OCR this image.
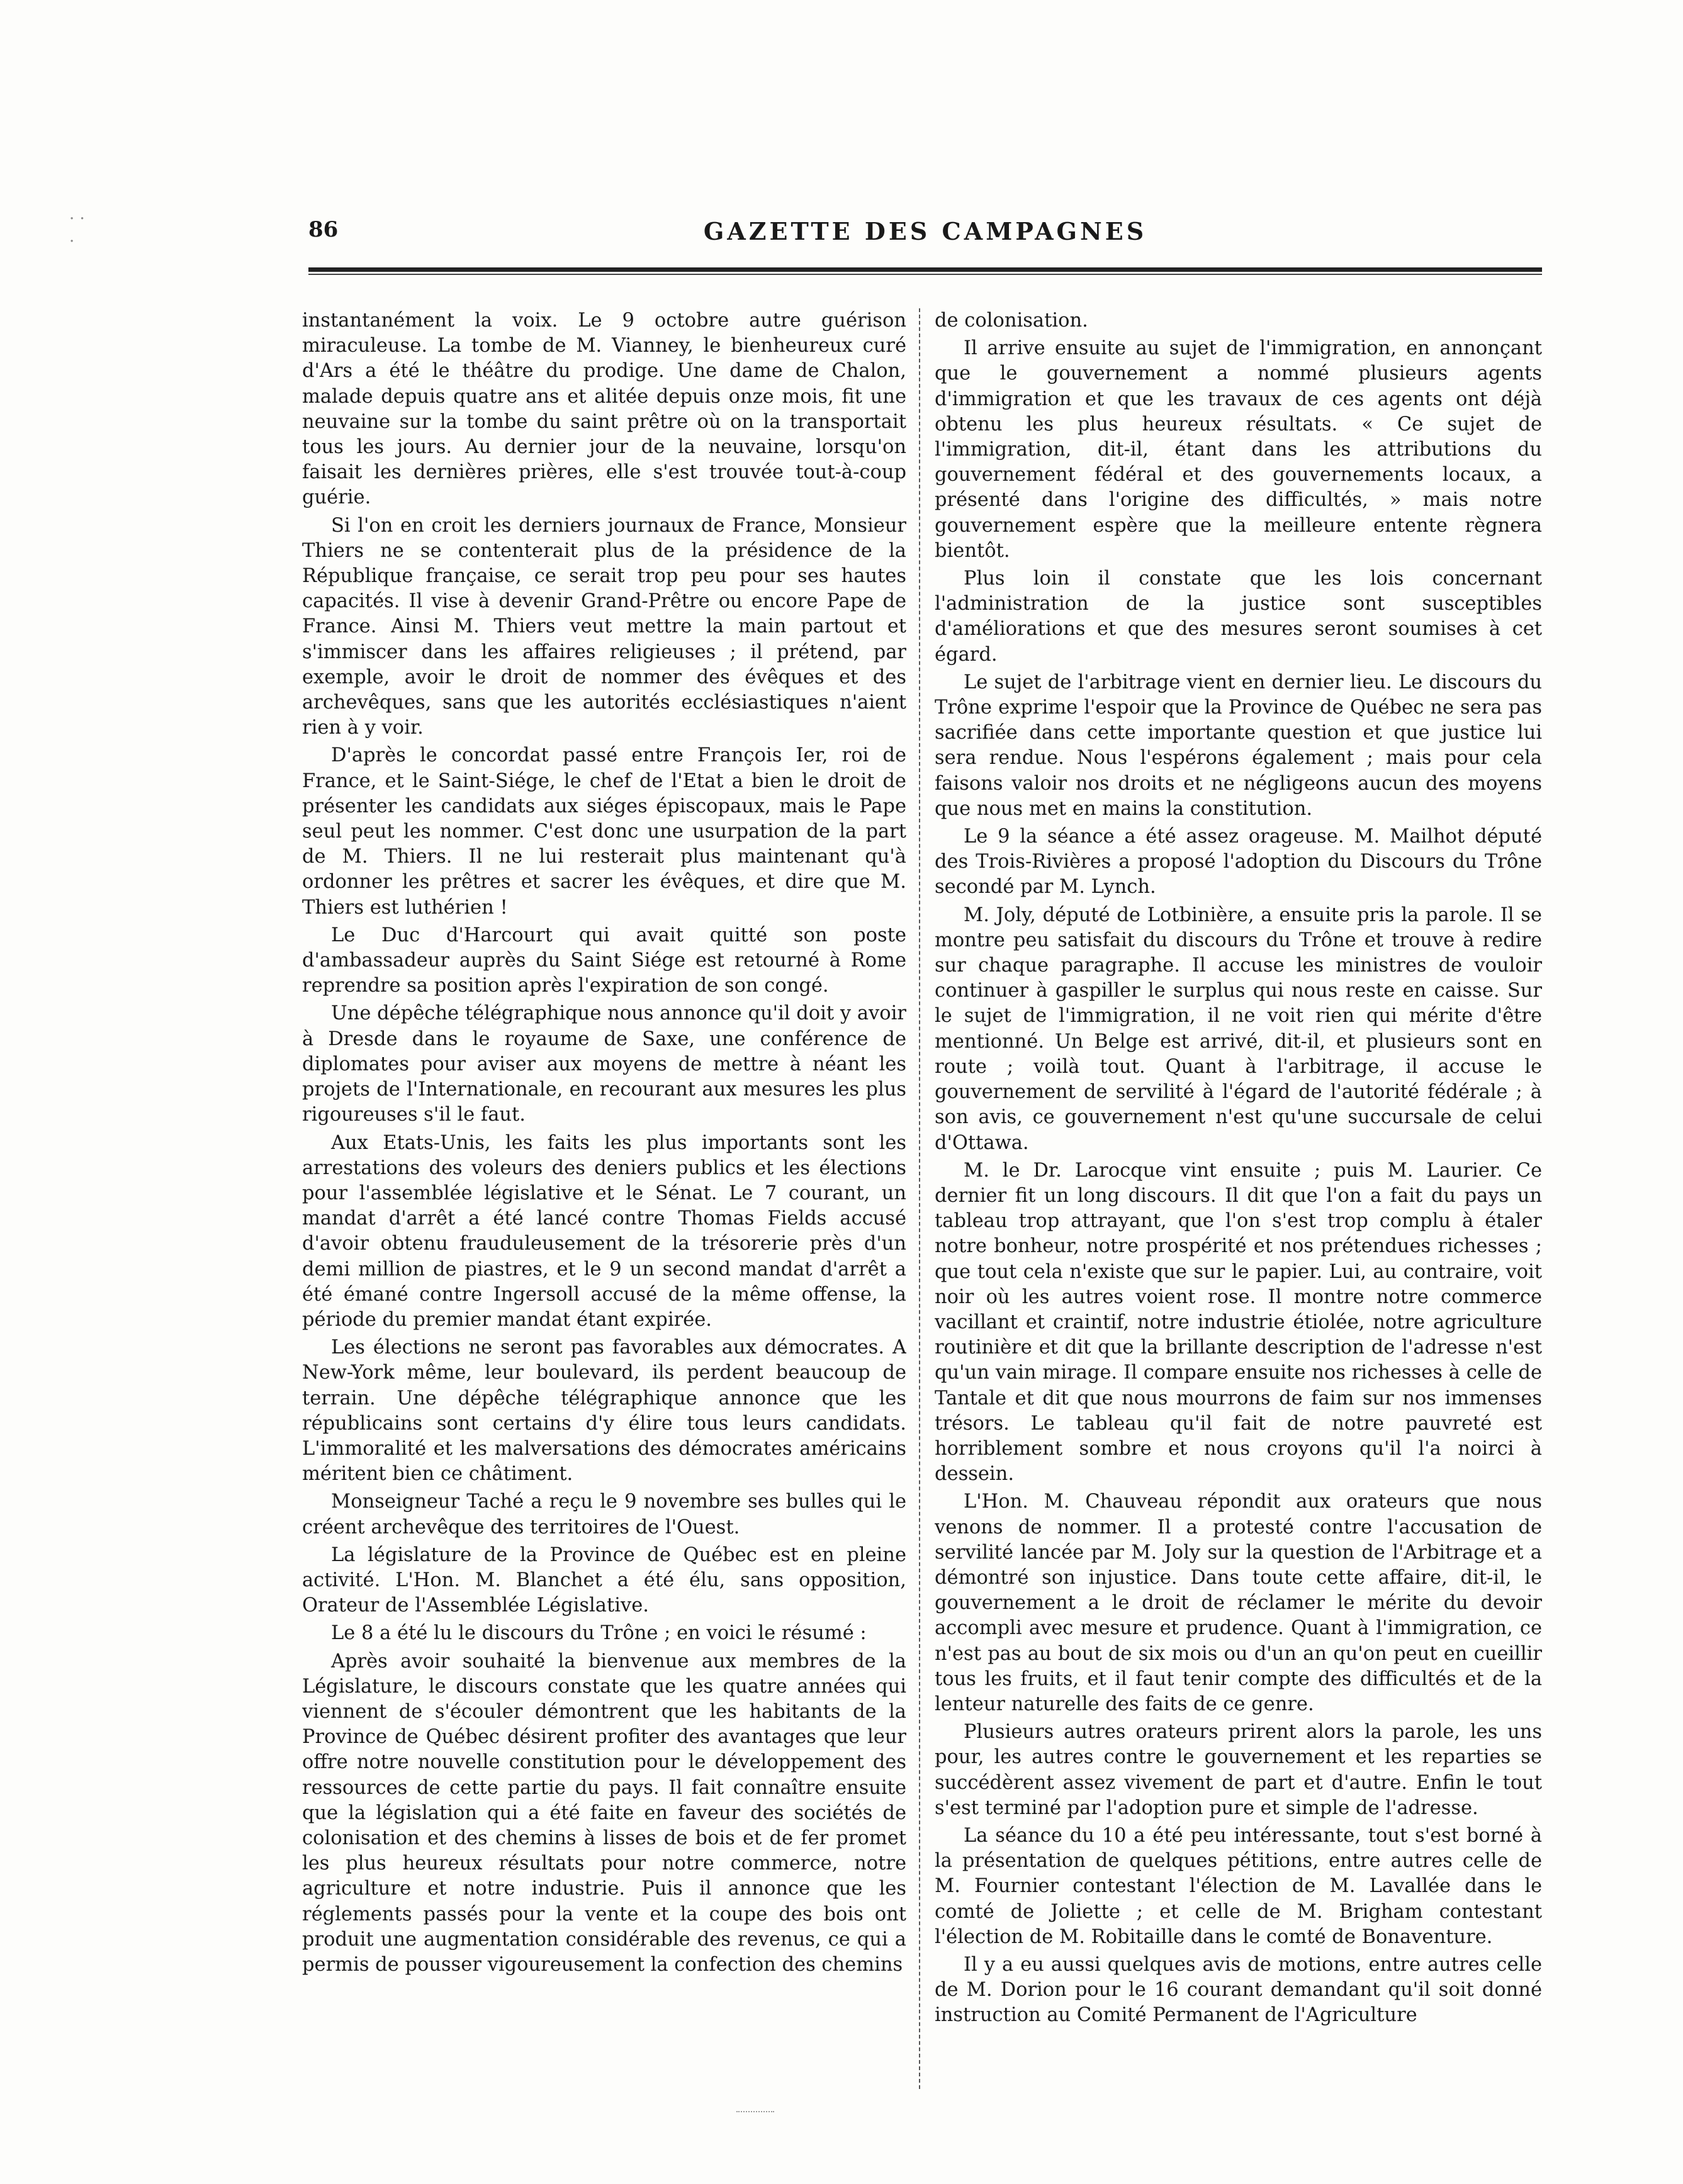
· · ·	86	GAZETTE DES CAMPAGNES

instantanément la voix. Le 9 octobre autre guérison miraculeuse. La tombe de M. Vianney, le bienheureux curé d'Ars a été le théâtre du prodige. Une dame de Chalon, malade depuis quatre ans et alitée depuis onze mois, fit une neuvaine sur la tombe du saint prêtre où on la transportait tous les jours. Au dernier jour de la neuvaine, lorsqu'on faisait les dernières prières, elle s'est trouvée tout-à-coup guérie.

Si l'on en croit les derniers journaux de France, Monsieur Thiers ne se contenterait plus de la présidence de la République française, ce serait trop peu pour ses hautes capacités. Il vise à devenir Grand-Prêtre ou encore Pape de France. Ainsi M. Thiers veut mettre la main partout et s'immiscer dans les affaires religieuses ; il prétend, par exemple, avoir le droit de nommer des évêques et des archevêques, sans que les autorités ecclésiastiques n'aient rien à y voir.

D'après le concordat passé entre François Ier, roi de France, et le Saint-Siége, le chef de l'Etat a bien le droit de présenter les candidats aux siéges épiscopaux, mais le Pape seul peut les nommer. C'est donc une usurpation de la part de M. Thiers. Il ne lui resterait plus maintenant qu'à ordonner les prêtres et sacrer les évêques, et dire que M. Thiers est luthérien !

Le Duc d'Harcourt qui avait quitté son poste d'ambassadeur auprès du Saint Siége est retourné à Rome reprendre sa position après l'expiration de son congé.

Une dépêche télégraphique nous annonce qu'il doit y avoir à Dresde dans le royaume de Saxe, une conférence de diplomates pour aviser aux moyens de mettre à néant les projets de l'Internationale, en recourant aux mesures les plus rigoureuses s'il le faut.

Aux Etats-Unis, les faits les plus importants sont les arrestations des voleurs des deniers publics et les élections pour l'assemblée législative et le Sénat. Le 7 courant, un mandat d'arrêt a été lancé contre Thomas Fields accusé d'avoir obtenu frauduleusement de la trésorerie près d'un demi million de piastres, et le 9 un second mandat d'arrêt a été émané contre Ingersoll accusé de la même offense, la période du premier mandat étant expirée.

Les élections ne seront pas favorables aux démocrates. A New-York même, leur boulevard, ils perdent beaucoup de terrain. Une dépêche télégraphique annonce que les républicains sont certains d'y élire tous leurs candidats. L'immoralité et les malversations des démocrates américains méritent bien ce châtiment.

Monseigneur Taché a reçu le 9 novembre ses bulles qui le créent archevêque des territoires de l'Ouest.

La législature de la Province de Québec est en pleine activité. L'Hon. M. Blanchet a été élu, sans opposition, Orateur de l'Assemblée Législative.

Le 8 a été lu le discours du Trône ; en voici le résumé :

Après avoir souhaité la bienvenue aux membres de la Législature, le discours constate que les quatre années qui viennent de s'écouler démontrent que les habitants de la Province de Québec désirent profiter des avantages que leur offre notre nouvelle constitution pour le développement des ressources de cette partie du pays. Il fait connaître ensuite que la législation qui a été faite en faveur des sociétés de colonisation et des chemins à lisses de bois et de fer promet les plus heureux résultats pour notre commerce, notre agriculture et notre industrie. Puis il annonce que les réglements passés pour la vente et la coupe des bois ont produit une augmentation considérable des revenus, ce qui a permis de pousser vigoureusement la confection des chemins

de colonisation.

Il arrive ensuite au sujet de l'immigration, en annonçant que le gouvernement a nommé plusieurs agents d'immigration et que les travaux de ces agents ont déjà obtenu les plus heureux résultats. « Ce sujet de l'immigration, dit-il, étant dans les attributions du gouvernement fédéral et des gouvernements locaux, a présenté dans l'origine des difficultés, » mais notre gouvernement espère que la meilleure entente règnera bientôt.

Plus loin il constate que les lois concernant l'administration de la justice sont susceptibles d'améliorations et que des mesures seront soumises à cet égard.

Le sujet de l'arbitrage vient en dernier lieu. Le discours du Trône exprime l'espoir que la Province de Québec ne sera pas sacrifiée dans cette importante question et que justice lui sera rendue. Nous l'espérons également ; mais pour cela faisons valoir nos droits et ne négligeons aucun des moyens que nous met en mains la constitution.

Le 9 la séance a été assez orageuse. M. Mailhot député des Trois-Rivières a proposé l'adoption du Discours du Trône secondé par M. Lynch.

M. Joly, député de Lotbinière, a ensuite pris la parole. Il se montre peu satisfait du discours du Trône et trouve à redire sur chaque paragraphe. Il accuse les ministres de vouloir continuer à gaspiller le surplus qui nous reste en caisse. Sur le sujet de l'immigration, il ne voit rien qui mérite d'être mentionné. Un Belge est arrivé, dit-il, et plusieurs sont en route ; voilà tout. Quant à l'arbitrage, il accuse le gouvernement de servilité à l'égard de l'autorité fédérale ; à son avis, ce gouvernement n'est qu'une succursale de celui d'Ottawa.

M. le Dr. Larocque vint ensuite ; puis M. Laurier. Ce dernier fit un long discours. Il dit que l'on a fait du pays un tableau trop attrayant, que l'on s'est trop complu à étaler notre bonheur, notre prospérité et nos prétendues richesses ; que tout cela n'existe que sur le papier. Lui, au contraire, voit noir où les autres voient rose. Il montre notre commerce vacillant et craintif, notre industrie étiolée, notre agriculture routinière et dit que la brillante description de l'adresse n'est qu'un vain mirage. Il compare ensuite nos richesses à celle de Tantale et dit que nous mourrons de faim sur nos immenses trésors. Le tableau qu'il fait de notre pauvreté est horriblement sombre et nous croyons qu'il l'a noirci à dessein.

L'Hon. M. Chauveau répondit aux orateurs que nous venons de nommer. Il a protesté contre l'accusation de servilité lancée par M. Joly sur la question de l'Arbitrage et a démontré son injustice. Dans toute cette affaire, dit-il, le gouvernement a le droit de réclamer le mérite du devoir accompli avec mesure et prudence. Quant à l'immigration, ce n'est pas au bout de six mois ou d'un an qu'on peut en cueillir tous les fruits, et il faut tenir compte des difficultés et de la lenteur naturelle des faits de ce genre.

Plusieurs autres orateurs prirent alors la parole, les uns pour, les autres contre le gouvernement et les reparties se succédèrent assez vivement de part et d'autre. Enfin le tout s'est terminé par l'adoption pure et simple de l'adresse.

La séance du 10 a été peu intéressante, tout s'est borné à la présentation de quelques pétitions, entre autres celle de M. Fournier contestant l'élection de M. Lavallée dans le comté de Joliette ; et celle de M. Brigham contestant l'élection de M. Robitaille dans le comté de Bonaventure.

Il y a eu aussi quelques avis de motions, entre autres celle de M. Dorion pour le 16 courant demandant qu'il soit donné instruction au Comité Permanent de l'Agriculture
